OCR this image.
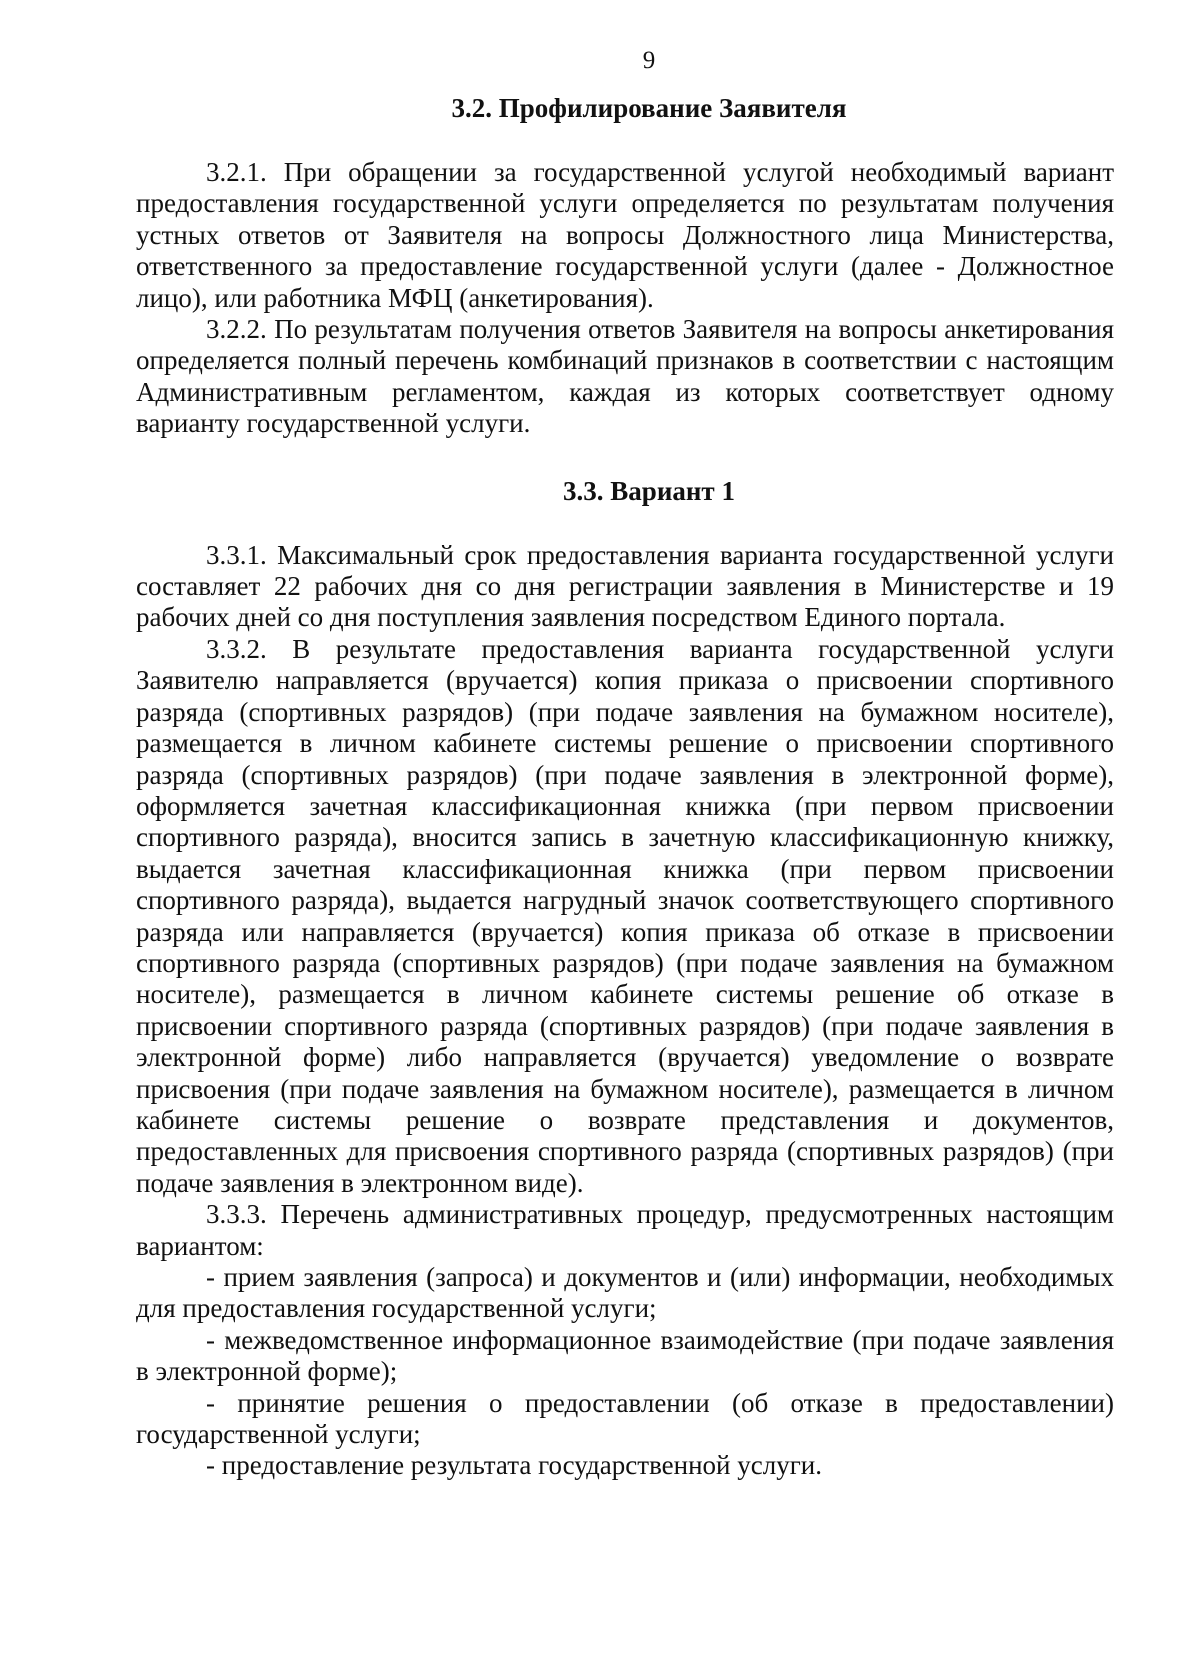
9
3.2. Профилирование Заявителя

3.2.1. При обращении за государственной услугой необходимый вариант предоставления государственной услуги определяется по результатам получения устных ответов от Заявителя на вопросы Должностного лица Министерства, ответственного за предоставление государственной услуги (далее - Должностное лицо), или работника МФЦ (анкетирования).

3.2.2. По результатам получения ответов Заявителя на вопросы анкетирования определяется полный перечень комбинаций признаков в соответствии с настоящим Административным регламентом, каждая из которых соответствует одному варианту государственной услуги.

3.3. Вариант 1

3.3.1. Максимальный срок предоставления варианта государственной услуги составляет 22 рабочих дня со дня регистрации заявления в Министерстве и 19 рабочих дней со дня поступления заявления посредством Единого портала.

3.3.2. В результате предоставления варианта государственной услуги Заявителю направляется (вручается) копия приказа о присвоении спортивного разряда (спортивных разрядов) (при подаче заявления на бумажном носителе), размещается в личном кабинете системы решение о присвоении спортивного разряда (спортивных разрядов) (при подаче заявления в электронной форме), оформляется зачетная классификационная книжка (при первом присвоении спортивного разряда), вносится запись в зачетную классификационную книжку, выдается зачетная классификационная книжка (при первом присвоении спортивного разряда), выдается нагрудный значок соответствующего спортивного разряда или направляется (вручается) копия приказа об отказе в присвоении спортивного разряда (спортивных разрядов) (при подаче заявления на бумажном носителе), размещается в личном кабинете системы решение об отказе в присвоении спортивного разряда (спортивных разрядов) (при подаче заявления в электронной форме) либо направляется (вручается) уведомление о возврате присвоения (при подаче заявления на бумажном носителе), размещается в личном кабинете системы решение о возврате представления и документов, предоставленных для присвоения спортивного разряда (спортивных разрядов) (при подаче заявления в электронном виде).

3.3.3. Перечень административных процедур, предусмотренных настоящим вариантом:

- прием заявления (запроса) и документов и (или) информации, необходимых для предоставления государственной услуги;

- межведомственное информационное взаимодействие (при подаче заявления в электронной форме);

- принятие решения о предоставлении (об отказе в предоставлении) государственной услуги;

- предоставление результата государственной услуги.
